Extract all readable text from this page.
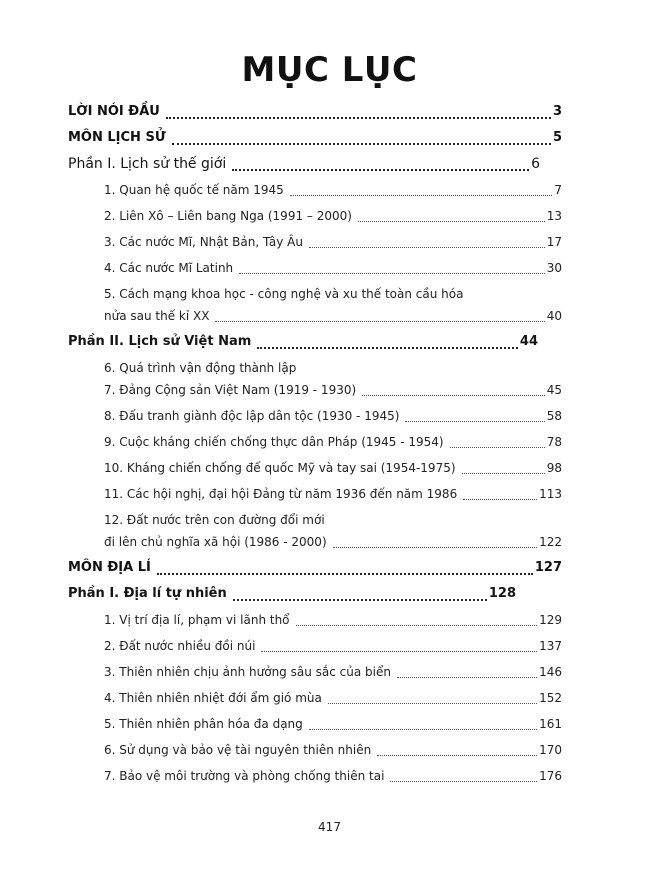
MỤC LỤC
LỜI NÓI ĐẦU	3
MÔN LỊCH SỬ	5
Phần I. Lịch sử thế giới	6
1. Quan hệ quốc tế năm 1945	7
2. Liên Xô – Liên bang Nga (1991 – 2000)	13
3. Các nước Mĩ, Nhật Bản, Tây Âu	17
4. Các nước Mĩ Latinh	30
5. Cách mạng khoa học - công nghệ và xu thế toàn cầu hóa
nửa sau thế kỉ XX	40
Phần II. Lịch sử Việt Nam	44
6. Quá trình vận động thành lập
7. Đảng Cộng sản Việt Nam (1919 - 1930)	45
8. Đấu tranh giành độc lập dân tộc (1930 - 1945)	58
9. Cuộc kháng chiến chống thực dân Pháp (1945 - 1954)	78
10. Kháng chiến chống đế quốc Mỹ và tay sai (1954-1975)	98
11. Các hội nghị, đại hội Đảng từ năm 1936 đến năm 1986	113
12. Đất nước trên con đường đổi mới
đi lên chủ nghĩa xã hội (1986 - 2000)	122
MÔN ĐỊA LÍ	127
Phần I. Địa lí tự nhiên	128
1. Vị trí địa lí, phạm vi lãnh thổ	129
2. Đất nước nhiều đồi núi	137
3. Thiên nhiên chịu ảnh hưởng sâu sắc của biển	146
4. Thiên nhiên nhiệt đới ẩm gió mùa	152
5. Thiên nhiên phân hóa đa dạng	161
6. Sử dụng và bảo vệ tài nguyên thiên nhiên	170
7. Bảo vệ môi trường và phòng chống thiên tai	176
417
